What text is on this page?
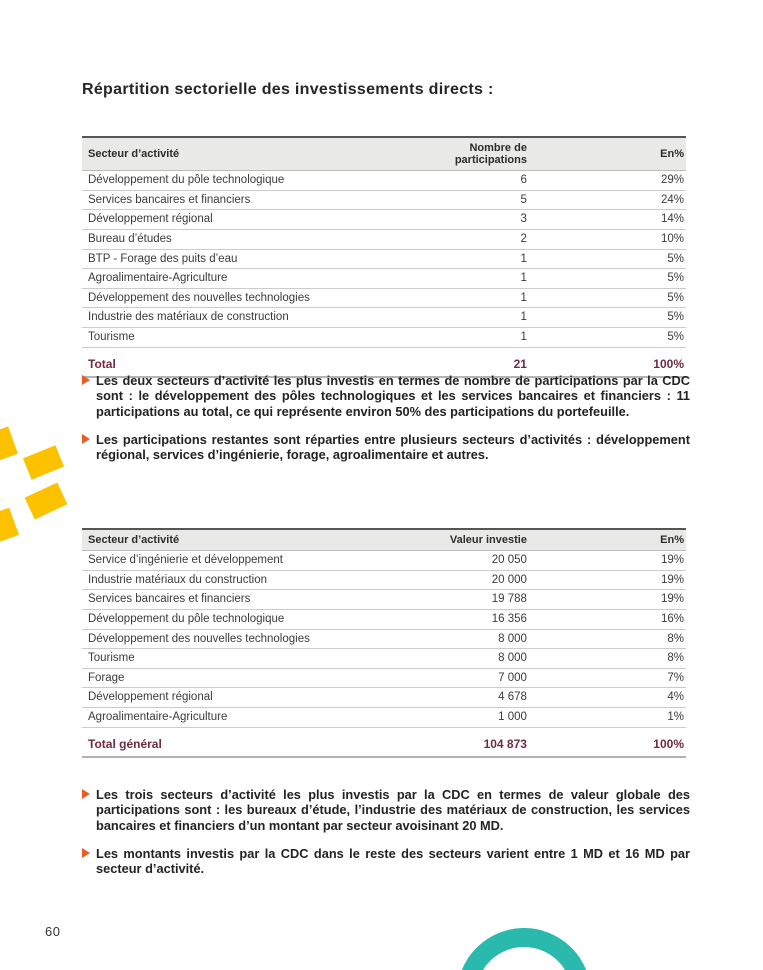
Répartition sectorielle des investissements directs :
Secteur d’activité	Nombre de participations	En%
Développement du pôle technologique	6	29%
Services bancaires et financiers	5	24%
Développement régional	3	14%
Bureau d’études	2	10%
BTP - Forage des puits d’eau	1	5%
Agroalimentaire-Agriculture	1	5%
Développement des nouvelles technologies	1	5%
Industrie des matériaux de construction	1	5%
Tourisme	1	5%
Total	21	100%
Les deux secteurs d’activité les plus investis en termes de nombre de participations par la CDC sont : le développement des pôles technologiques et les services bancaires et financiers : 11 participations au total, ce qui représente environ 50% des participations du portefeuille.
Les participations restantes sont réparties entre plusieurs secteurs d’activités : développement régional, services d’ingénierie, forage, agroalimentaire et autres.
Secteur d’activité	Valeur investie	En%
Service d’ingénierie et développement	20 050	19%
Industrie matériaux du construction	20 000	19%
Services bancaires et financiers	19 788	19%
Développement du pôle technologique	16 356	16%
Développement des nouvelles technologies	8 000	8%
Tourisme	8 000	8%
Forage	7 000	7%
Développement régional	4 678	4%
Agroalimentaire-Agriculture	1 000	1%
Total général	104 873	100%
Les trois secteurs d’activité les plus investis par la CDC en termes de valeur globale des participations sont : les bureaux d’étude, l’industrie des matériaux de construction, les services bancaires et financiers d’un montant par secteur avoisinant 20 MD.
Les montants investis par la CDC dans le reste des secteurs varient entre 1 MD et 16 MD par secteur d’activité.
60
